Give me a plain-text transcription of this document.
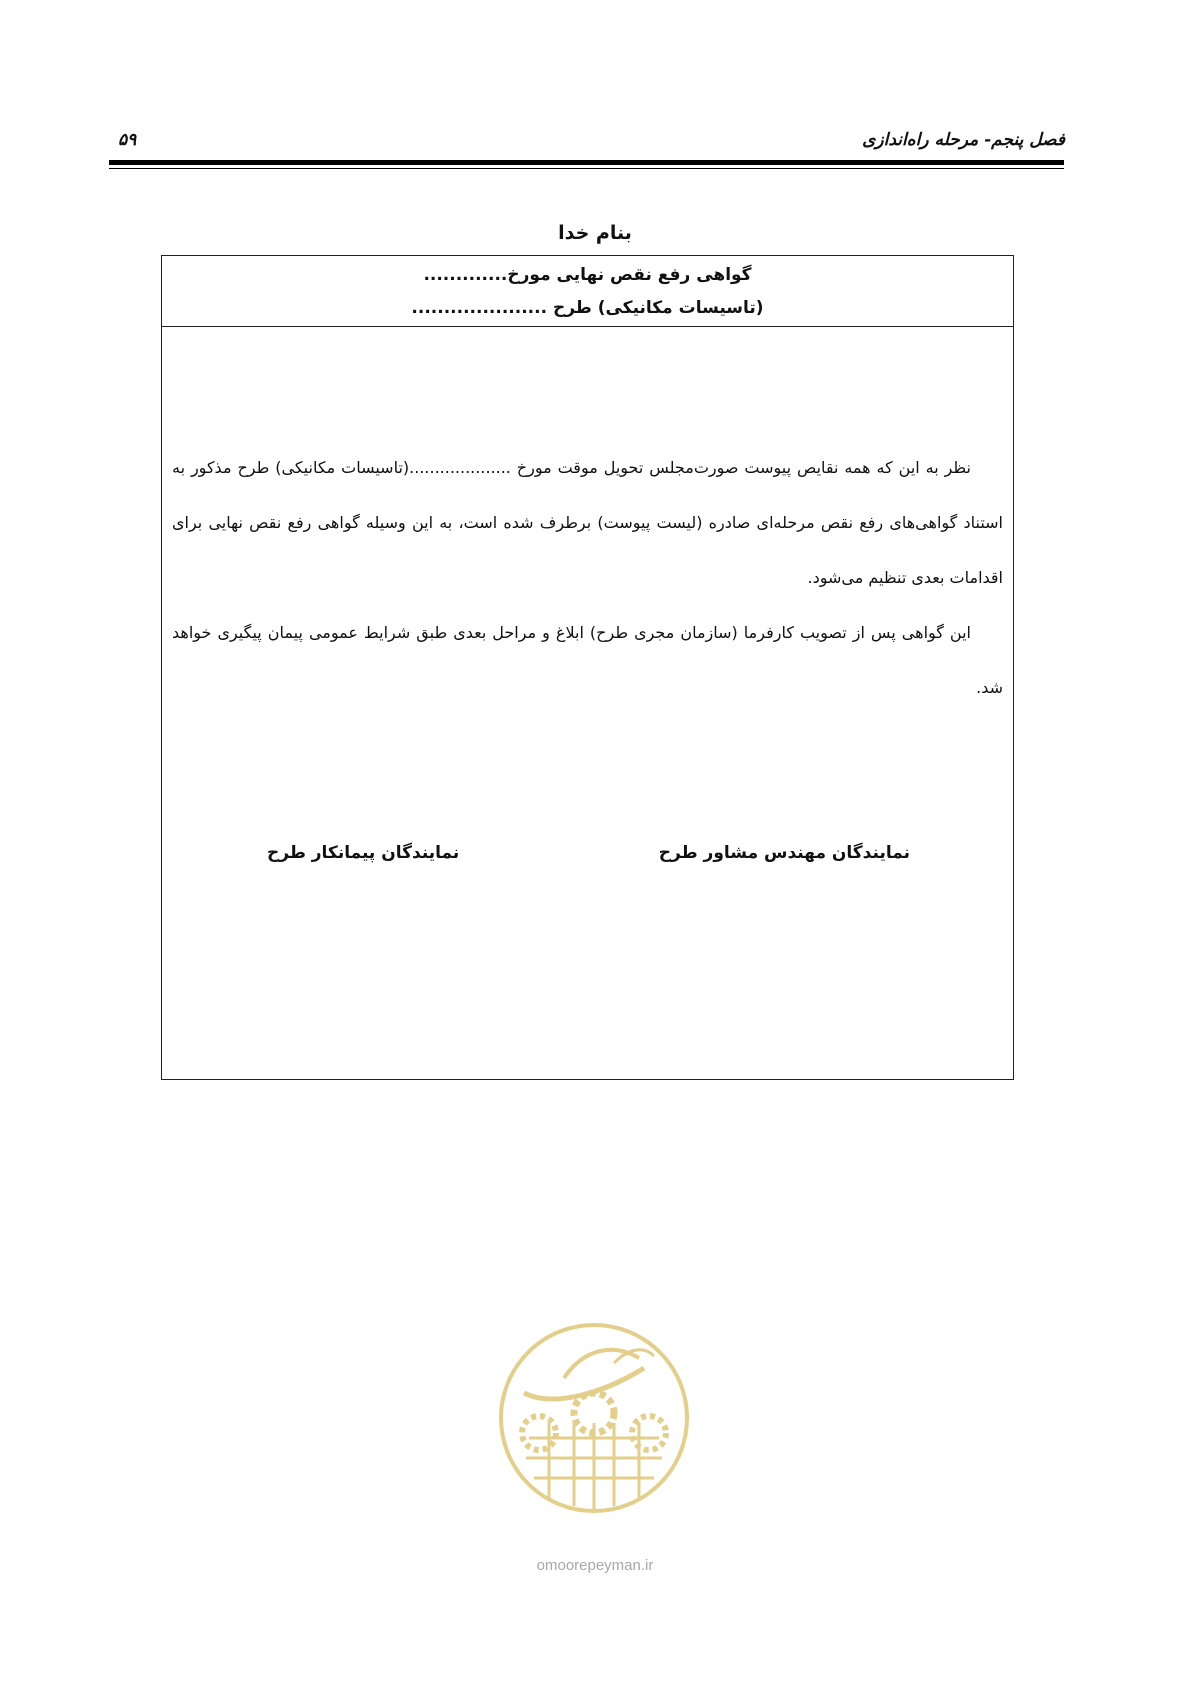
فصل پنجم- مرحله راه‌اندازی
۵۹
بنام خدا
گواهی رفع نقص نهایی مورخ.............
(تاسیسات مکانیکی) طرح .....................

نظر به این که همه نقایص پیوست صورت‌مجلس تحویل موقت مورخ ....................(تاسیسات مکانیکی) طرح مذکور به استناد گواهی‌های رفع نقص مرحله‌ای صادره (لیست پیوست) برطرف شده است، به این وسیله گواهی رفع نقص نهایی برای اقدامات بعدی تنظیم می‌شود.

این گواهی پس از تصویب کارفرما (سازمان مجری طرح) ابلاغ و مراحل بعدی طبق شرایط عمومی پیمان پیگیری خواهد شد.

نمایندگان مهندس مشاور طرح
نمایندگان پیمانکار طرح
omoorepeyman.ir
